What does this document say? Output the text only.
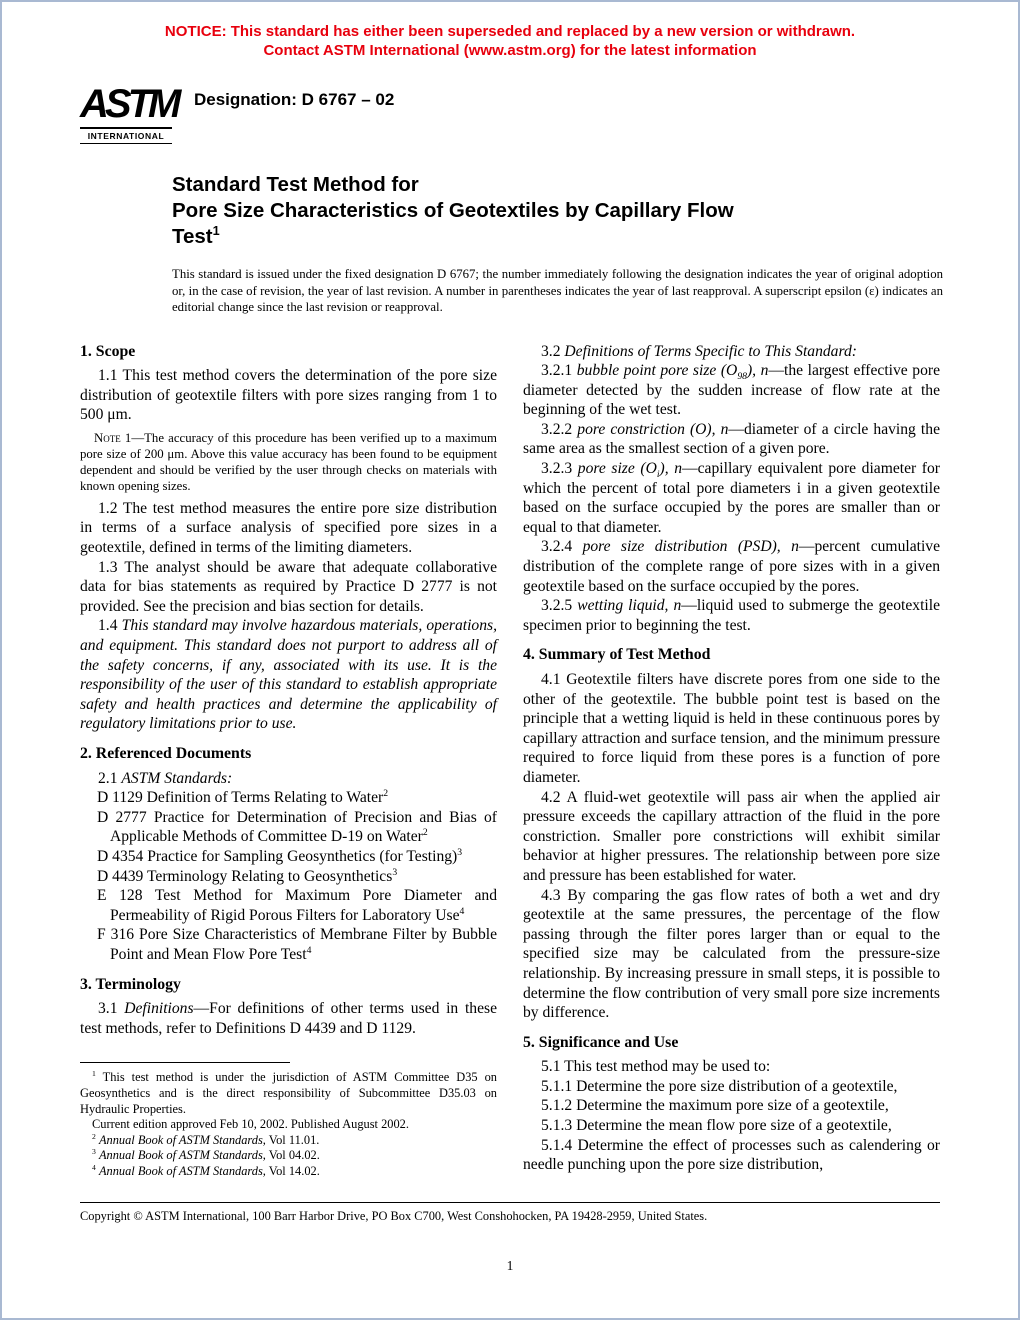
NOTICE: This standard has either been superseded and replaced by a new version or withdrawn.
Contact ASTM International (www.astm.org) for the latest information
ASTM
INTERNATIONAL
Designation: D 6767 – 02
Standard Test Method for
Pore Size Characteristics of Geotextiles by Capillary Flow
Test$^1$

This standard is issued under the fixed designation D 6767; the number immediately following the designation indicates the year of original adoption or, in the case of revision, the year of last revision. A number in parentheses indicates the year of last reapproval. A superscript epsilon (ε) indicates an editorial change since the last revision or reapproval.

1. Scope

1.1 This test method covers the determination of the pore size distribution of geotextile filters with pore sizes ranging from 1 to 500 μm.

Note 1—The accuracy of this procedure has been verified up to a maximum pore size of 200 μm. Above this value accuracy has been found to be equipment dependent and should be verified by the user through checks on materials with known opening sizes.

1.2 The test method measures the entire pore size distribution in terms of a surface analysis of specified pore sizes in a geotextile, defined in terms of the limiting diameters.

1.3 The analyst should be aware that adequate collaborative data for bias statements as required by Practice D 2777 is not provided. See the precision and bias section for details.

1.4 This standard may involve hazardous materials, operations, and equipment. This standard does not purport to address all of the safety concerns, if any, associated with its use. It is the responsibility of the user of this standard to establish appropriate safety and health practices and determine the applicability of regulatory limitations prior to use.

2. Referenced Documents

2.1 ASTM Standards:

D 1129 Definition of Terms Relating to Water$^2$

D 2777 Practice for Determination of Precision and Bias of Applicable Methods of Committee D-19 on Water$^2$

D 4354 Practice for Sampling Geosynthetics (for Testing)$^3$

D 4439 Terminology Relating to Geosynthetics$^3$

E 128 Test Method for Maximum Pore Diameter and Permeability of Rigid Porous Filters for Laboratory Use$^4$

F 316 Pore Size Characteristics of Membrane Filter by Bubble Point and Mean Flow Pore Test$^4$

3. Terminology

3.1 Definitions—For definitions of other terms used in these test methods, refer to Definitions D 4439 and D 1129.

$^1$ This test method is under the jurisdiction of ASTM Committee D35 on Geosynthetics and is the direct responsibility of Subcommittee D35.03 on Hydraulic Properties.

Current edition approved Feb 10, 2002. Published August 2002.

$^2$ Annual Book of ASTM Standards, Vol 11.01.

$^3$ Annual Book of ASTM Standards, Vol 04.02.

$^4$ Annual Book of ASTM Standards, Vol 14.02.

3.2 Definitions of Terms Specific to This Standard:

3.2.1 bubble point pore size $(O_{98})$, n—the largest effective pore diameter detected by the sudden increase of flow rate at the beginning of the wet test.

3.2.2 pore constriction (O), n—diameter of a circle having the same area as the smallest section of a given pore.

3.2.3 pore size $(O_i)$, n—capillary equivalent pore diameter for which the percent of total pore diameters i in a given geotextile based on the surface occupied by the pores are smaller than or equal to that diameter.

3.2.4 pore size distribution (PSD), n—percent cumulative distribution of the complete range of pore sizes with in a given geotextile based on the surface occupied by the pores.

3.2.5 wetting liquid, n—liquid used to submerge the geotextile specimen prior to beginning the test.

4. Summary of Test Method

4.1 Geotextile filters have discrete pores from one side to the other of the geotextile. The bubble point test is based on the principle that a wetting liquid is held in these continuous pores by capillary attraction and surface tension, and the minimum pressure required to force liquid from these pores is a function of pore diameter.

4.2 A fluid-wet geotextile will pass air when the applied air pressure exceeds the capillary attraction of the fluid in the pore constriction. Smaller pore constrictions will exhibit similar behavior at higher pressures. The relationship between pore size and pressure has been established for water.

4.3 By comparing the gas flow rates of both a wet and dry geotextile at the same pressures, the percentage of the flow passing through the filter pores larger than or equal to the specified size may be calculated from the pressure-size relationship. By increasing pressure in small steps, it is possible to determine the flow contribution of very small pore size increments by difference.

5. Significance and Use

5.1 This test method may be used to:

5.1.1 Determine the pore size distribution of a geotextile,

5.1.2 Determine the maximum pore size of a geotextile,

5.1.3 Determine the mean flow pore size of a geotextile,

5.1.4 Determine the effect of processes such as calendering or needle punching upon the pore size distribution,

Copyright © ASTM International, 100 Barr Harbor Drive, PO Box C700, West Conshohocken, PA 19428-2959, United States.

1
